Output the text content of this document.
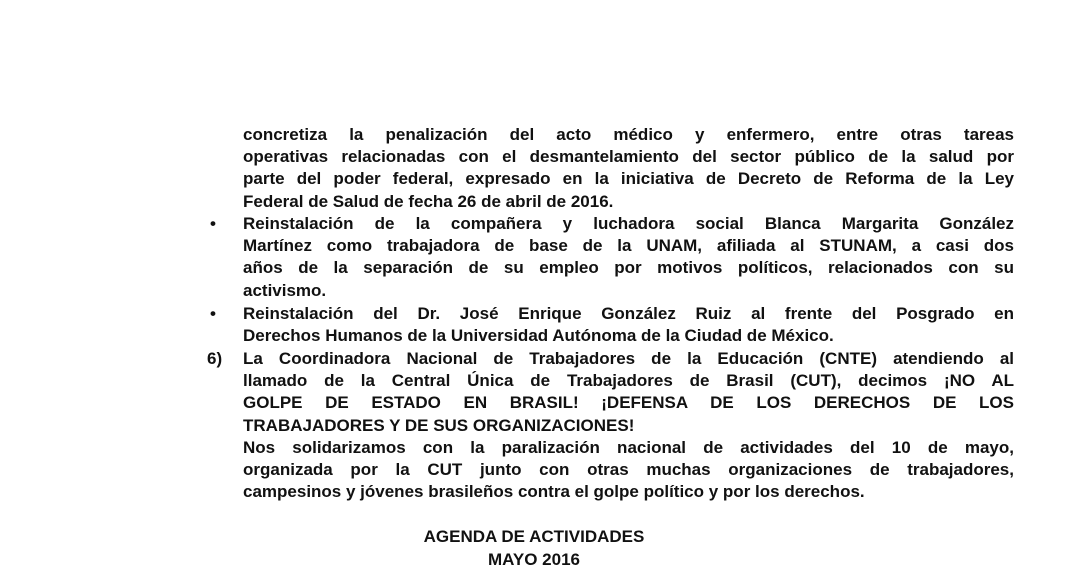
concretiza la penalización del acto médico y enfermero, entre otras tareas
operativas relacionadas con el desmantelamiento del sector público de la salud por
parte del poder federal, expresado en la iniciativa de Decreto de Reforma de la Ley
Federal de Salud de fecha 26 de abril de 2016.
• Reinstalación de la compañera y luchadora social Blanca Margarita González
Martínez como trabajadora de base de la UNAM, afiliada al STUNAM, a casi dos
años de la separación de su empleo por motivos políticos, relacionados con su
activismo.
• Reinstalación del Dr. José Enrique González Ruiz al frente del Posgrado en
Derechos Humanos de la Universidad Autónoma de la Ciudad de México.
6) La Coordinadora Nacional de Trabajadores de la Educación (CNTE) atendiendo al
llamado de la Central Única de Trabajadores de Brasil (CUT), decimos ¡NO AL
GOLPE DE ESTADO EN BRASIL! ¡DEFENSA DE LOS DERECHOS DE LOS
TRABAJADORES Y DE SUS ORGANIZACIONES!
Nos solidarizamos con la paralización nacional de actividades del 10 de mayo,
organizada por la CUT junto con otras muchas organizaciones de trabajadores,
campesinos y jóvenes brasileños contra el golpe político y por los derechos.
AGENDA DE ACTIVIDADES
MAYO 2016
